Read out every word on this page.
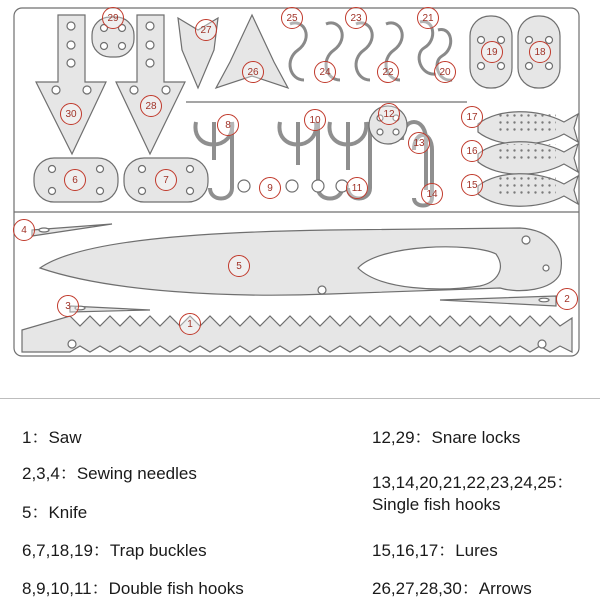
1
2
3
4
5
6	7
8
9
10
11
12
13
14
15
16
17
18
19
20
21
22
23
24
25
26
27
28
29
30
1：Saw
2,3,4：Sewing needles
5：Knife
6,7,18,19：Trap buckles
8,9,10,11：Double fish hooks
12,29：Snare locks
13,14,20,21,22,23,24,25：Single fish hooks
15,16,17：Lures
26,27,28,30：Arrows
